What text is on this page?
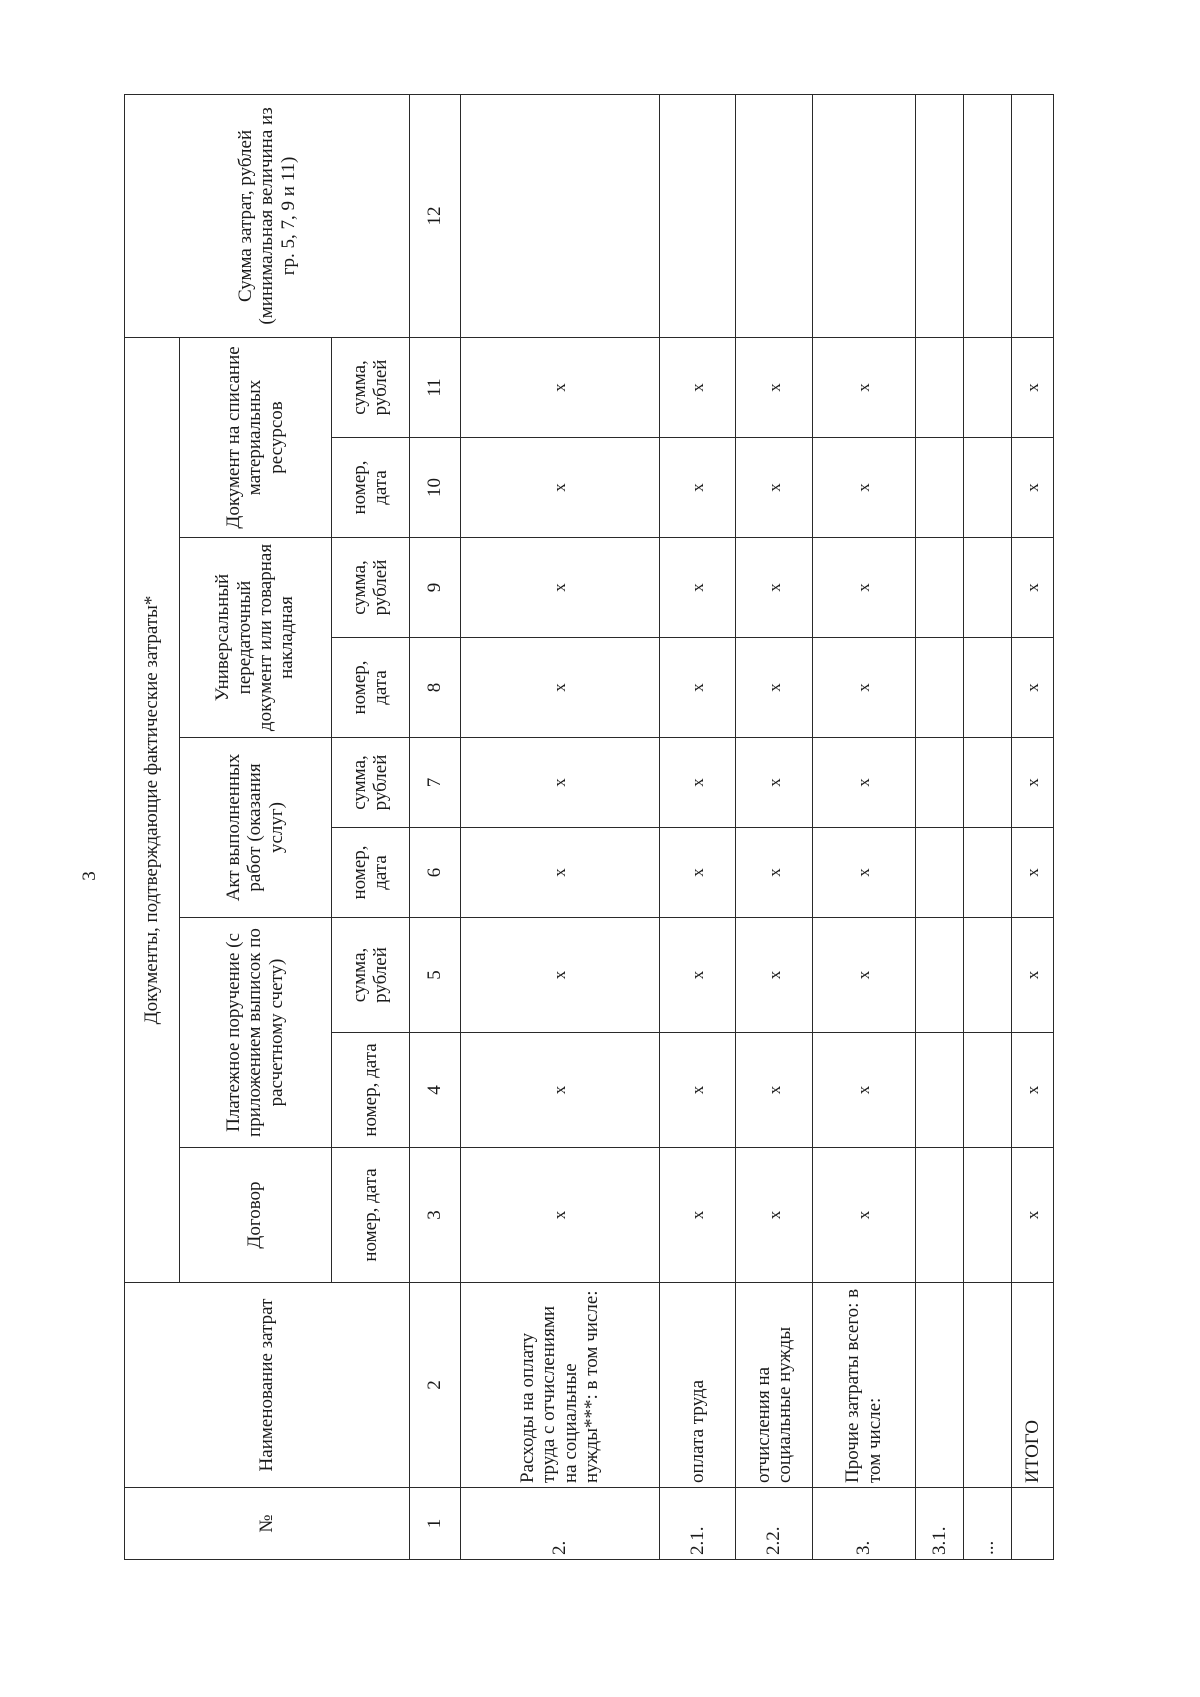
3
№	Наименование затрат	Документы, подтверждающие фактические затраты*									Сумма затрат, рублей (минимальная величина из гр. 5, 7, 9 и 11)
		Договор	Платежное поручение (с приложением выписок по расчетному счету)		Акт выполненных работ (оказания услуг)		Универсальный передаточный документ или товарная накладная		Документ на списание материальных ресурсов		
		номер, дата	номер, дата	сумма, рублей	номер, дата	сумма, рублей	номер, дата	сумма, рублей	номер, дата	сумма, рублей	
1	2	3	4	5	6	7	8	9	10	11	12
2.	Расходы на оплату труда с отчислениями на социальные нужды***: в том числе:	x	x	x	x	x	x	x	x	x	
2.1.	оплата труда	x	x	x	x	x	x	x	x	x	
2.2.	отчисления на социальные нужды	x	x	x	x	x	x	x	x	x	
3.	Прочие затраты всего: в том числе:	x	x	x	x	x	x	x	x	x	
3.1.											
...											
	ИТОГО	x	x	x	x	x	x	x	x	x	
